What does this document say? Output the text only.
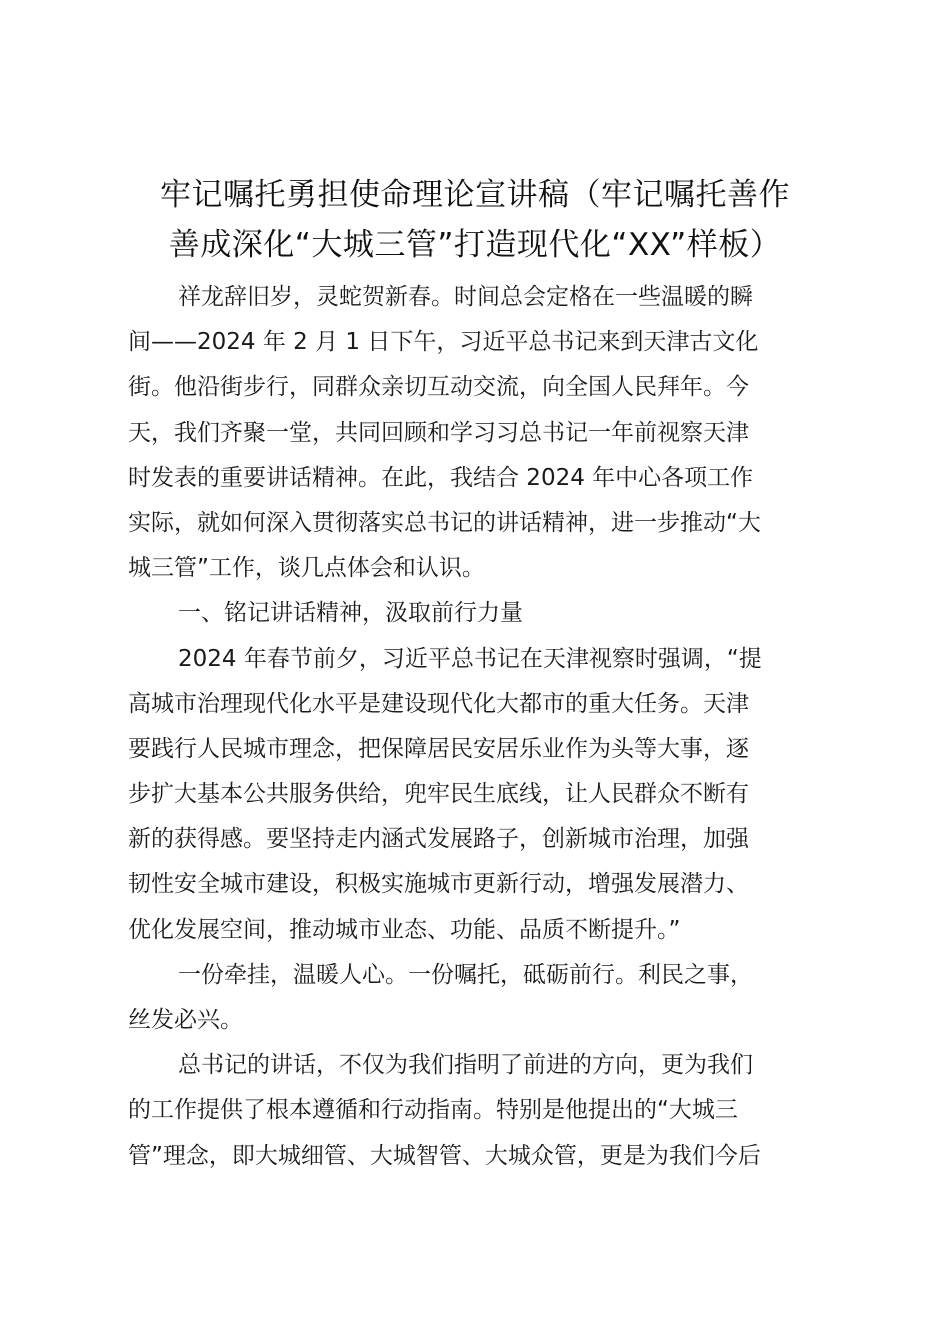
牢记嘱托勇担使命理论宣讲稿（牢记嘱托善作
善成深化“大城三管”打造现代化“XX”样板）
祥龙辞旧岁，灵蛇贺新春。时间总会定格在一些温暖的瞬
间——2024 年 2 月 1 日下午，习近平总书记来到天津古文化
街。他沿街步行，同群众亲切互动交流，向全国人民拜年。今
天，我们齐聚一堂，共同回顾和学习习总书记一年前视察天津
时发表的重要讲话精神。在此，我结合 2024 年中心各项工作
实际，就如何深入贯彻落实总书记的讲话精神，进一步推动“大
城三管”工作，谈几点体会和认识。
一、铭记讲话精神，汲取前行力量
2024 年春节前夕，习近平总书记在天津视察时强调，“提
高城市治理现代化水平是建设现代化大都市的重大任务。天津
要践行人民城市理念，把保障居民安居乐业作为头等大事，逐
步扩大基本公共服务供给，兜牢民生底线，让人民群众不断有
新的获得感。要坚持走内涵式发展路子，创新城市治理，加强
韧性安全城市建设，积极实施城市更新行动，增强发展潜力、
优化发展空间，推动城市业态、功能、品质不断提升。”
一份牵挂，温暖人心。一份嘱托，砥砺前行。利民之事，
丝发必兴。
总书记的讲话，不仅为我们指明了前进的方向，更为我们
的工作提供了根本遵循和行动指南。特别是他提出的“大城三
管”理念，即大城细管、大城智管、大城众管，更是为我们今后
